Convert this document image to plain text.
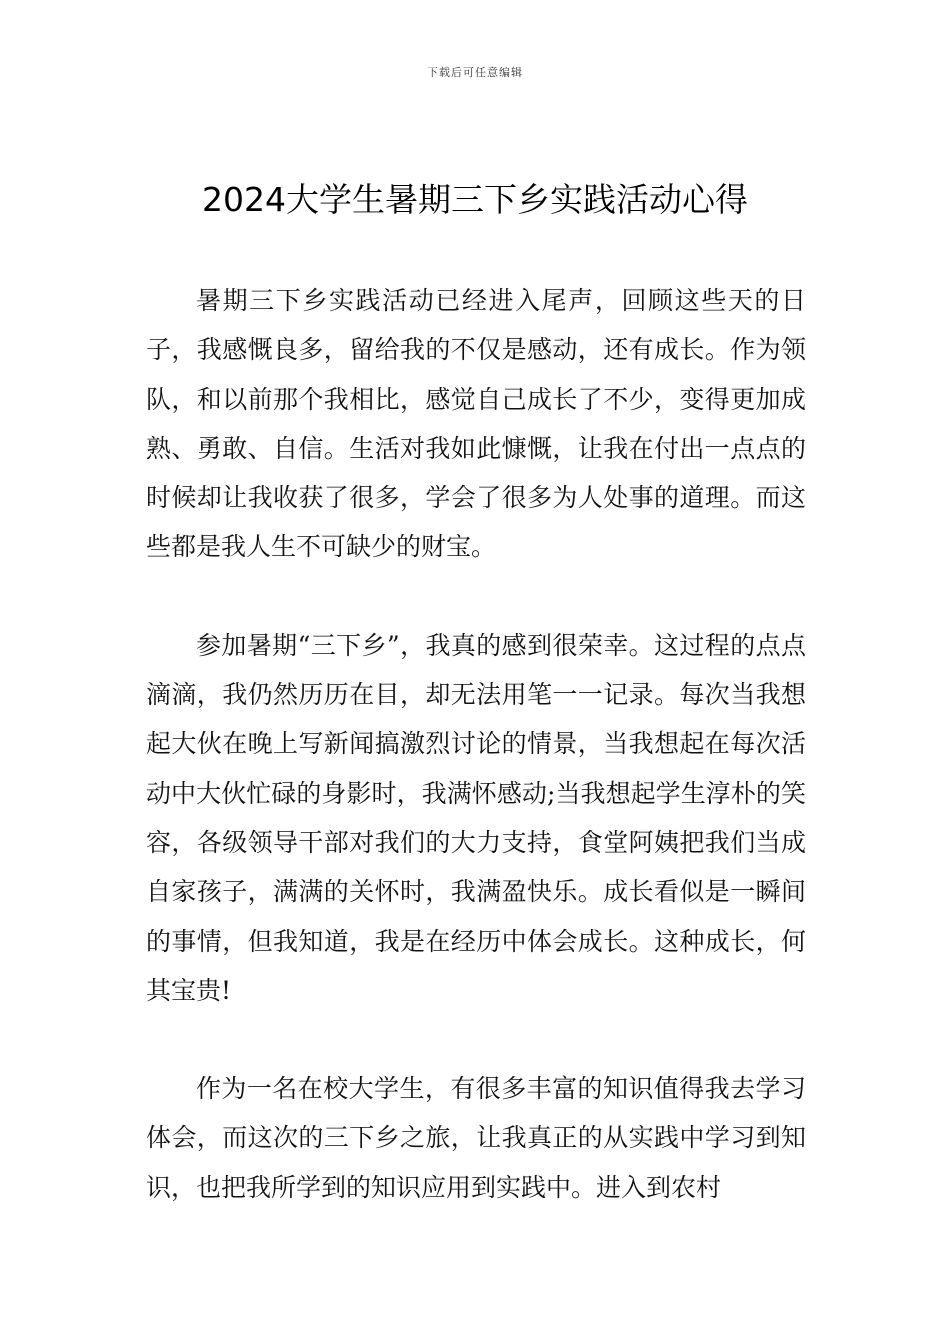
下载后可任意编辑
2024大学生暑期三下乡实践活动心得

暑期三下乡实践活动已经进入尾声，回顾这些天的日子，我感慨良多，留给我的不仅是感动，还有成长。作为领队，和以前那个我相比，感觉自己成长了不少，变得更加成熟、勇敢、自信。生活对我如此慷慨，让我在付出一点点的时候却让我收获了很多，学会了很多为人处事的道理。而这些都是我人生不可缺少的财宝。

参加暑期“三下乡”，我真的感到很荣幸。这过程的点点滴滴，我仍然历历在目，却无法用笔一一记录。每次当我想起大伙在晚上写新闻搞激烈讨论的情景，当我想起在每次活动中大伙忙碌的身影时，我满怀感动;当我想起学生淳朴的笑容，各级领导干部对我们的大力支持，食堂阿姨把我们当成自家孩子，满满的关怀时，我满盈快乐。成长看似是一瞬间的事情，但我知道，我是在经历中体会成长。这种成长，何其宝贵!

作为一名在校大学生，有很多丰富的知识值得我去学习体会，而这次的三下乡之旅，让我真正的从实践中学习到知识，也把我所学到的知识应用到实践中。进入到农村
